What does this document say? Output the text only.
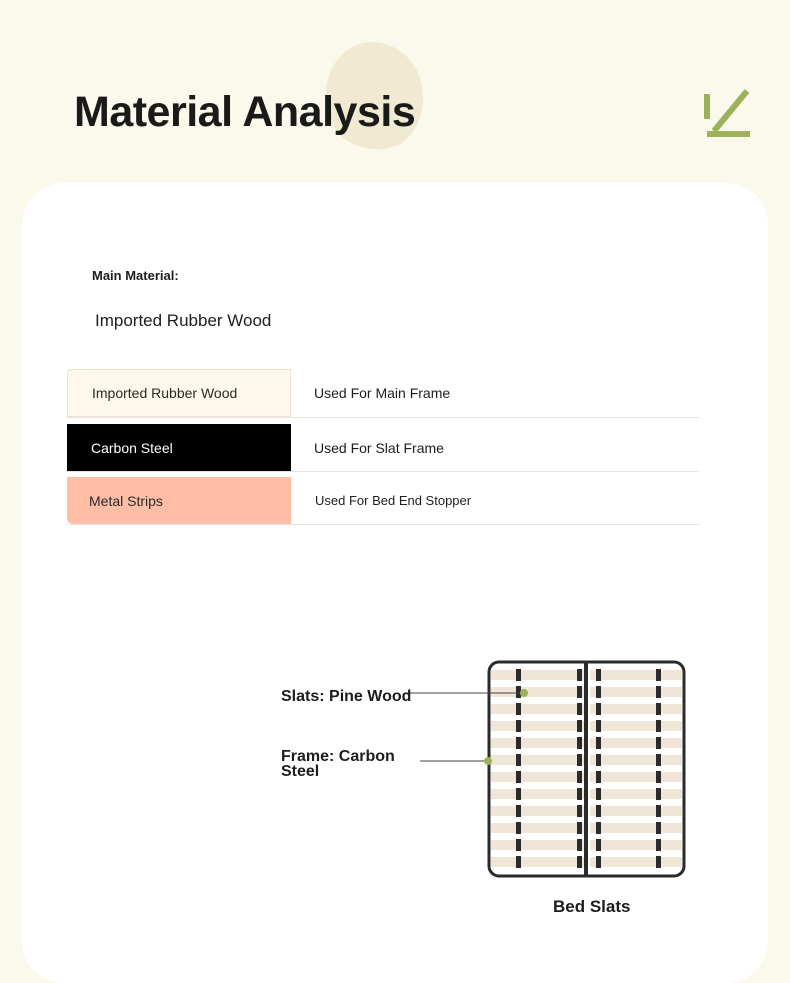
Material Analysis
Main Material:
Imported Rubber Wood
Imported Rubber Wood	Used For Main Frame
Carbon Steel	Used For Slat Frame
Metal Strips	Used For Bed End Stopper
Slats: Pine Wood
Frame: Carbon Steel
Bed Slats
